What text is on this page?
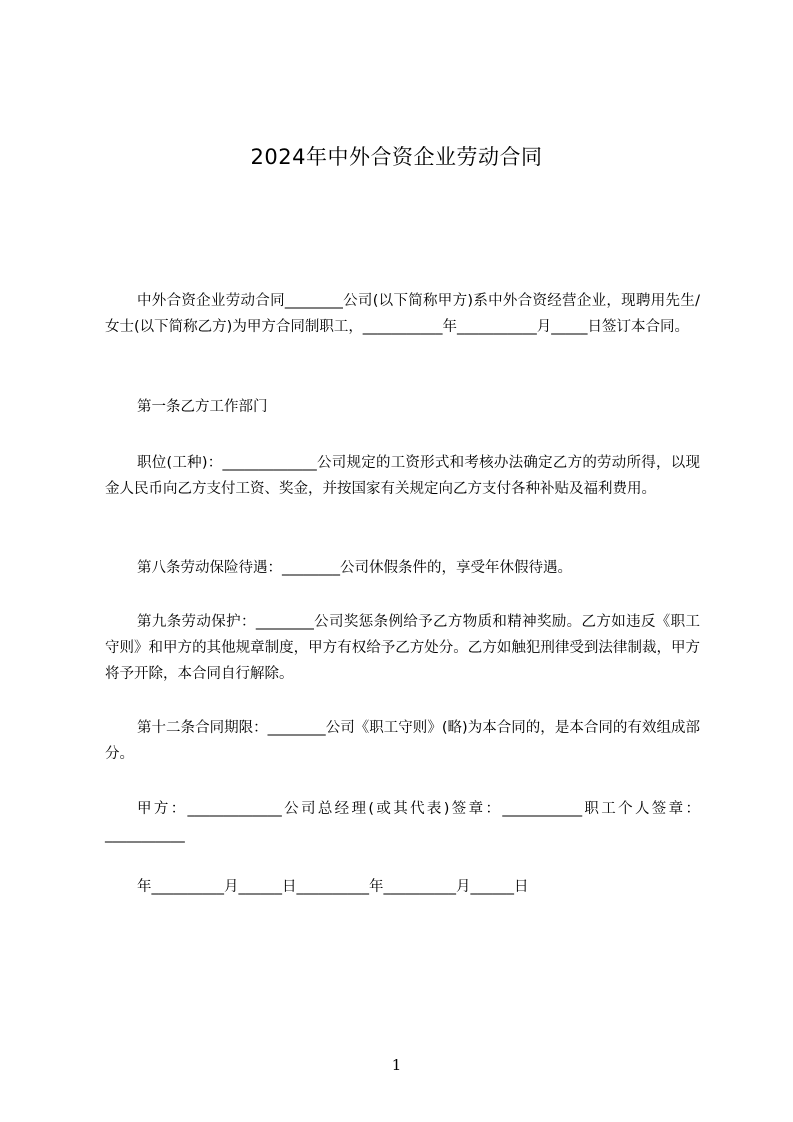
2024年中外合资企业劳动合同
中外合资企业劳动合同________公司(以下简称甲方)系中外合资经营企业，现聘用先生/女士(以下简称乙方)为甲方合同制职工，___________年___________月_____日签订本合同。
第一条乙方工作部门
职位(工种)：_____________公司规定的工资形式和考核办法确定乙方的劳动所得，以现金人民币向乙方支付工资、奖金，并按国家有关规定向乙方支付各种补贴及福利费用。
第八条劳动保险待遇：________公司休假条件的，享受年休假待遇。
第九条劳动保护：________公司奖惩条例给予乙方物质和精神奖励。乙方如违反《职工守则》和甲方的其他规章制度，甲方有权给予乙方处分。乙方如触犯刑律受到法律制裁，甲方将予开除，本合同自行解除。
第十二条合同期限：________公司《职工守则》(略)为本合同的，是本合同的有效组成部分。
甲方：_____________公司总经理(或其代表)签章：___________职工个人签章：___________
年__________月______日__________年__________月______日
1
